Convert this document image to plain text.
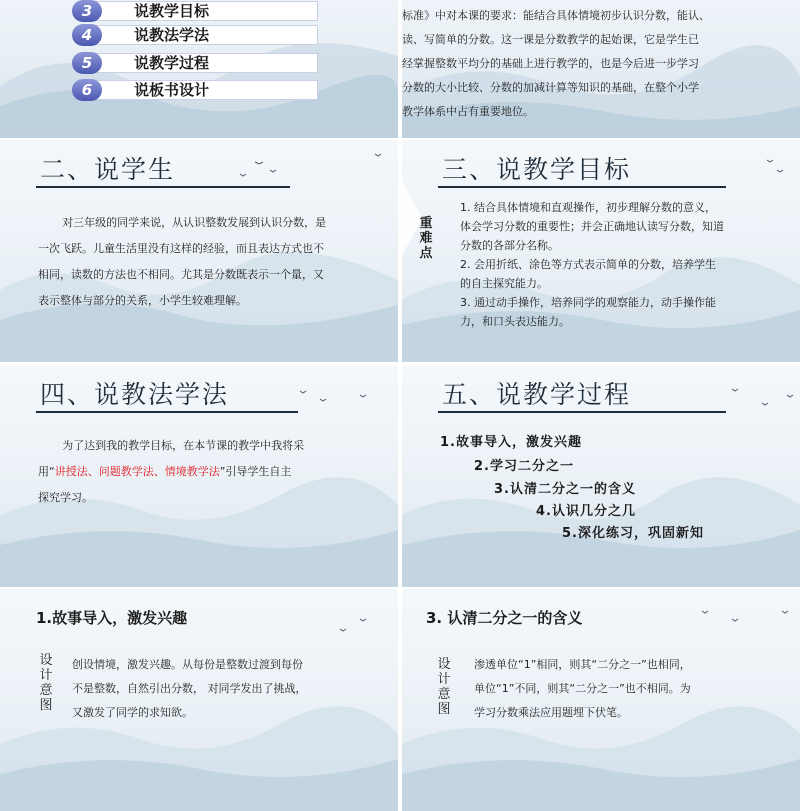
3	说教学目标
4	说教法学法
5	说教学过程
6	说板书设计
标准》中对本课的要求：能结合具体情境初步认识分数，能认、
读、写简单的分数。这一课是分数教学的起始课，它是学生已
经掌握整数平均分的基础上进行教学的，也是今后进一步学习
分数的大小比较、分数的加减计算等知识的基础，在整个小学
教学体系中占有重要地位。
二、说学生
对三年级的同学来说，从认识整数发展到认识分数，是
一次飞跃。儿童生活里没有这样的经验，而且表达方式也不
相同，读数的方法也不相同。尤其是分数既表示一个量，又
表示整体与部分的关系，小学生较难理解。
三、说教学目标
重难点
1. 结合具体情境和直观操作，初步理解分数的意义，
体会学习分数的重要性；并会正确地认读写分数，知道
分数的各部分名称。
2. 会用折纸、涂色等方式表示简单的分数，培养学生
的自主探究能力。
3. 通过动手操作，培养同学的观察能力，动手操作能
力，和口头表达能力。
四、说教法学法
为了达到我的教学目标，在本节课的教学中我将采
用“讲授法、问题教学法、情境教学法”引导学生自主
探究学习。
五、说教学过程
1.故事导入，激发兴趣
2.学习二分之一
3.认清二分之一的含义
4.认识几分之几
5.深化练习，巩固新知
1.故事导入，激发兴趣
设计意图
创设情境，激发兴趣。从每份是整数过渡到每份
不是整数，自然引出分数， 对同学发出了挑战，
又激发了同学的求知欲。
3. 认清二分之一的含义
设计意图
渗透单位“1”相同，则其“二分之一”也相同，
单位“1”不同，则其“二分之一”也不相同。为
学习分数乘法应用题埋下伏笔。
